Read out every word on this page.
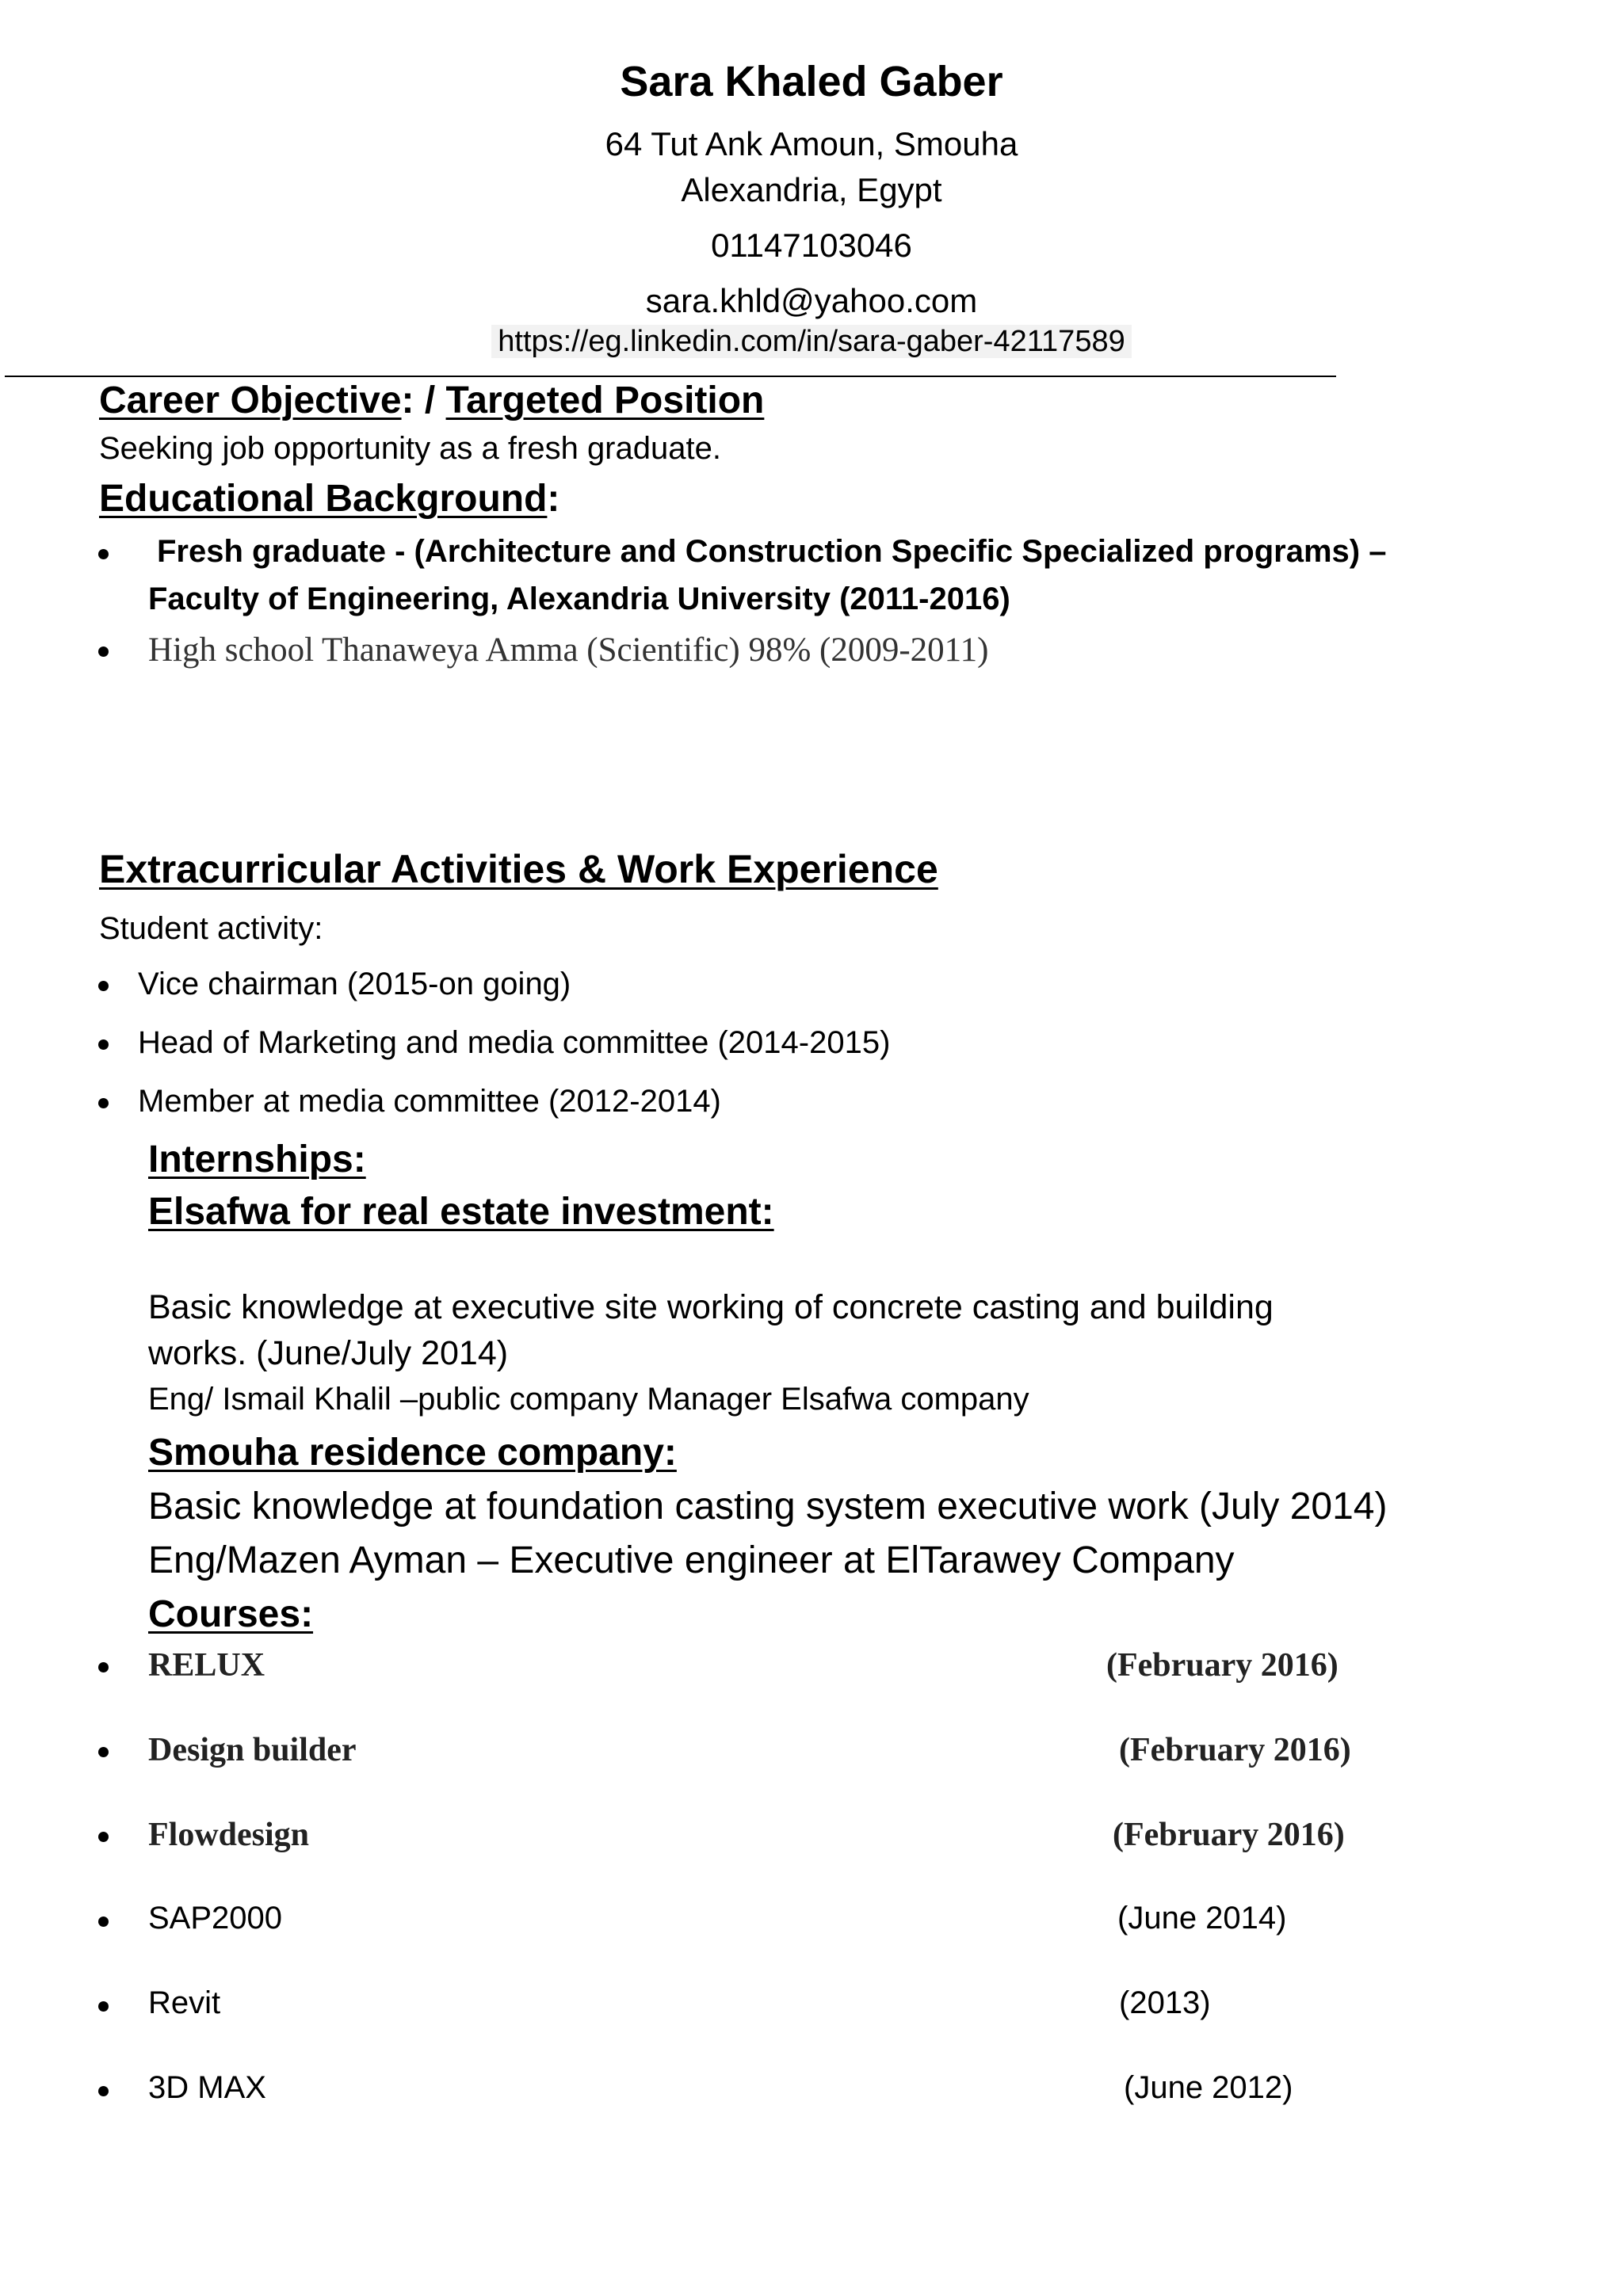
Sara Khaled Gaber
64 Tut Ank Amoun, Smouha
Alexandria, Egypt
01147103046
sara.khld@yahoo.com
https://eg.linkedin.com/in/sara-gaber-42117589
Career Objective: / Targeted Position
Seeking job opportunity as a fresh graduate.
Educational Background:
Fresh graduate - (Architecture and Construction Specific Specialized programs) –
Faculty of Engineering, Alexandria University (2011-2016)
High school Thanaweya Amma (Scientific) 98% (2009-2011)
Extracurricular Activities & Work Experience
Student activity:
Vice chairman (2015-on going)
Head of Marketing and media committee (2014-2015)
Member at media committee (2012-2014)
Internships:
Elsafwa for real estate investment:
Basic knowledge at executive site working of concrete casting and building
works. (June/July 2014)
Eng/ Ismail Khalil –public company Manager Elsafwa company
Smouha residence company:
Basic knowledge at foundation casting system executive work (July 2014)
Eng/Mazen Ayman – Executive engineer at ElTarawey Company
Courses:
RELUX	(February 2016)
Design builder	(February 2016)
Flowdesign	(February 2016)
SAP2000	(June 2014)
Revit	(2013)
3D MAX	(June 2012)
